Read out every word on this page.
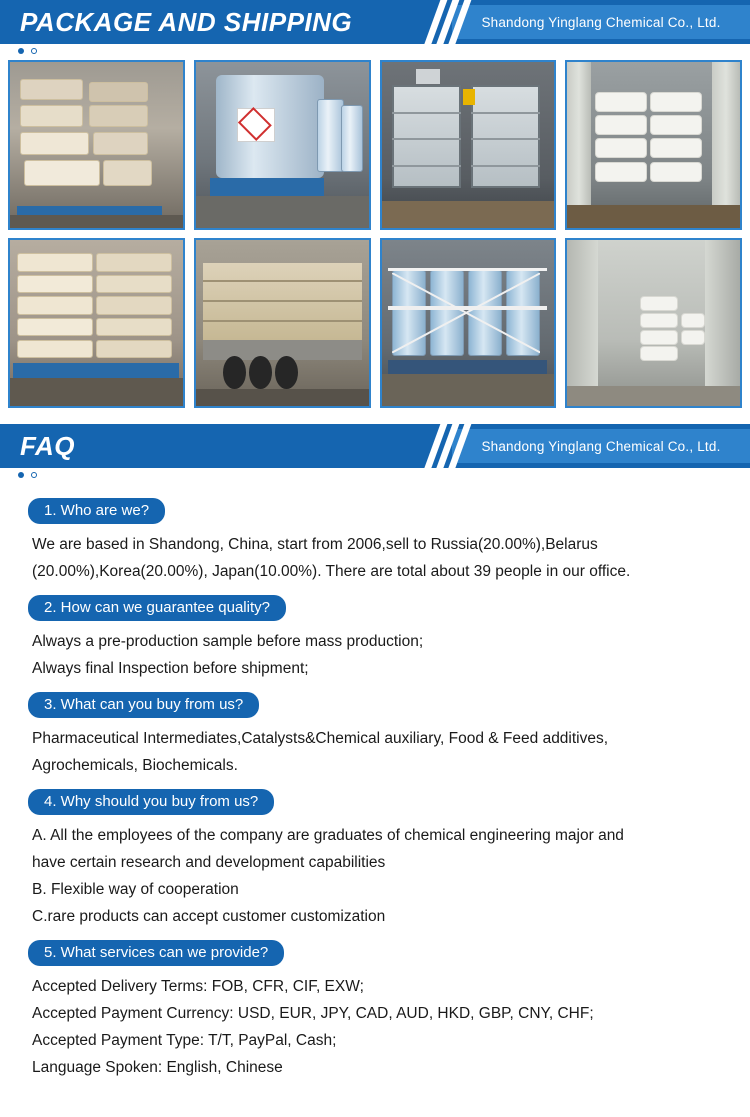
PACKAGE AND SHIPPING	Shandong Yinglang Chemical Co., Ltd.
FAQ	Shandong Yinglang Chemical Co., Ltd.
1. Who are we?

We are based in Shandong, China, start from 2006,sell to Russia(20.00%),Belarus

(20.00%),Korea(20.00%), Japan(10.00%). There are total about 39 people in our office.

2. How can we guarantee quality?

Always a pre-production sample before mass production;

Always final Inspection before shipment;

3. What can you buy from us?

Pharmaceutical Intermediates,Catalysts&Chemical auxiliary, Food & Feed additives,

Agrochemicals, Biochemicals.

4. Why should you buy from us?

A. All the employees of the company are graduates of chemical engineering major and

have certain research and development capabilities

B. Flexible way of cooperation

C.rare products can accept customer customization

5. What services can we provide?

Accepted Delivery Terms: FOB, CFR, CIF, EXW;

Accepted Payment Currency: USD, EUR, JPY, CAD, AUD, HKD, GBP, CNY, CHF;

Accepted Payment Type: T/T, PayPal, Cash;

Language Spoken: English, Chinese
